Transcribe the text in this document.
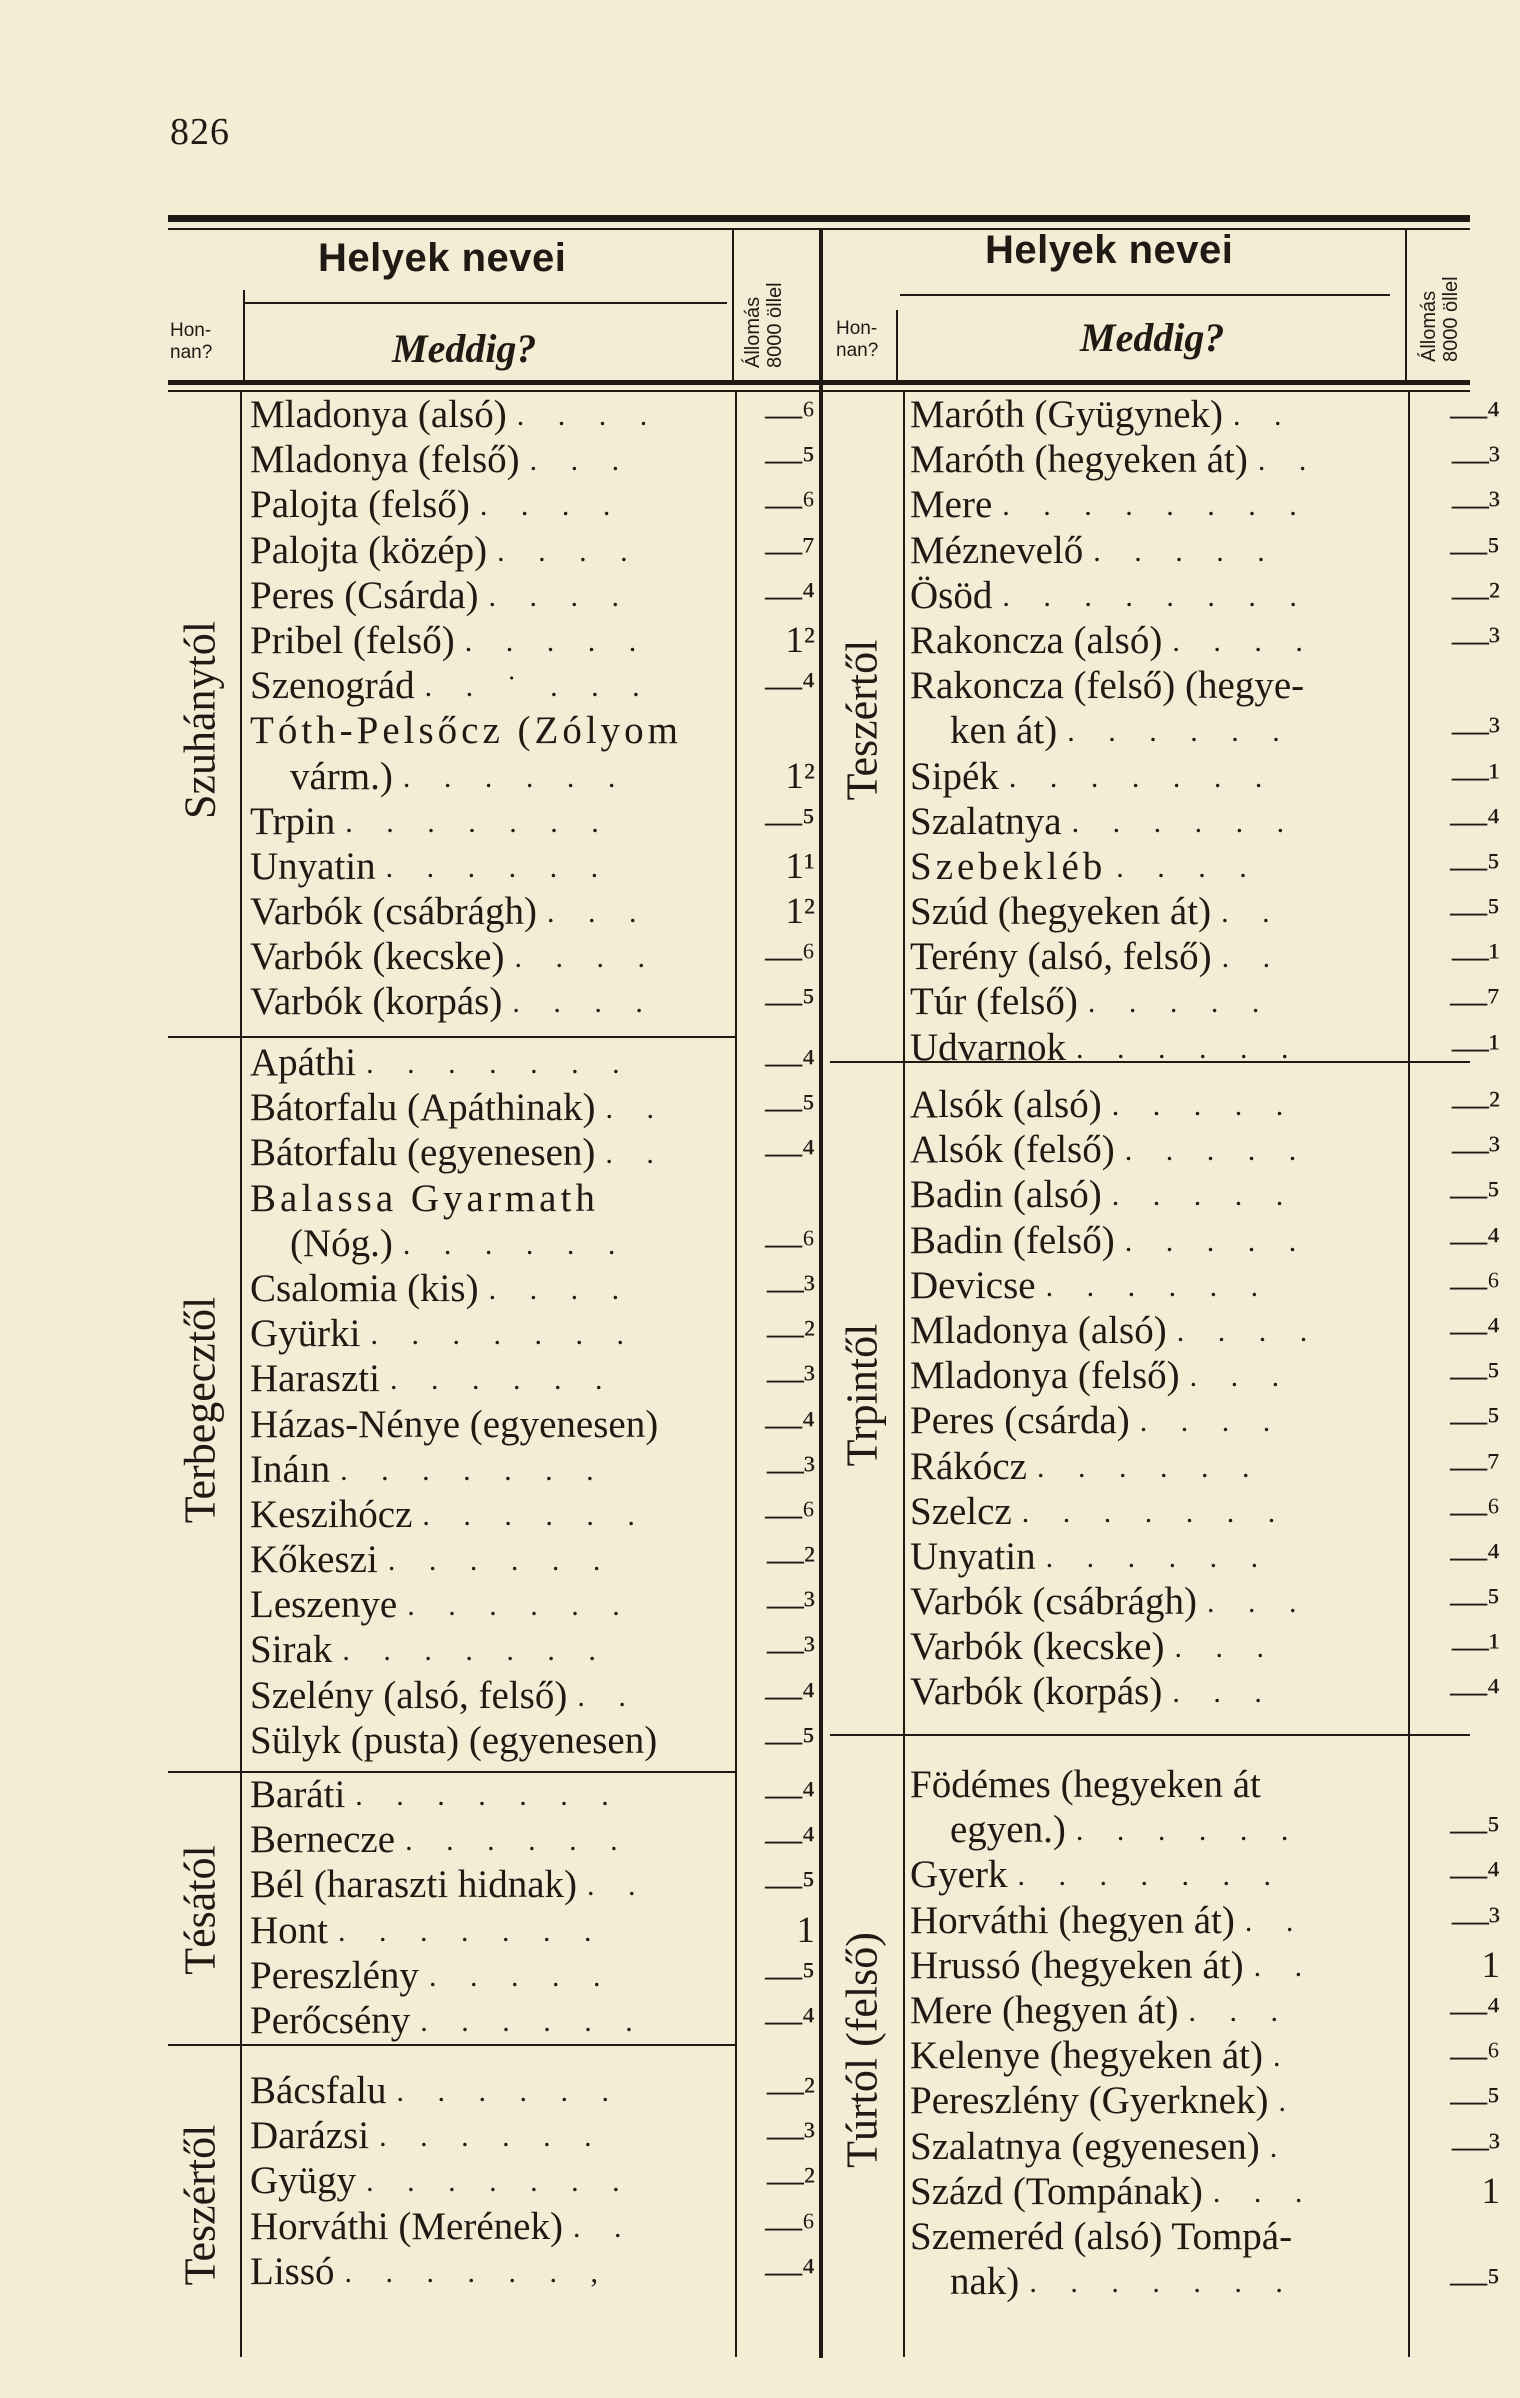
826
Helyek nevei
Hon-
nan?	Meddig?	Állomás
8000 öllel
Helyek nevei
Hon-
nan?	Meddig?	Állomás
8000 öllel
Szuhánytól
Terbegecztől
Tésától
Teszértől
Teszértől
Trpintől
Túrtól (felső)
Mladonya (alsó) . . . .	—⁶
Mladonya (felső) . . .	—⁵
Palojta (felső) . . . .	—⁶
Palojta (közép) . . . .	—⁷
Peres (Csárda) . . . .	—⁴
Pribel (felső) . . . . .	1²
Szenográd . . ˙ . . .	—⁴
Tóth-Pelsőcz (Zólyom
várm.) . . . . . .	1²
Trpin . . . . . . .	—⁵
Unyatin . . . . . .	1¹
Varbók (csábrágh) . . .	1²
Varbók (kecske) . . . .	—⁶
Varbók (korpás) . . . .	—⁵
Apáthi . . . . . . .	—⁴
Bátorfalu (Apáthinak) . .	—⁵
Bátorfalu (egyenesen) . .	—⁴
Balassa Gyarmath
(Nóg.) . . . . . .	—⁶
Csalomia (kis) . . . .	—³
Gyürki . . . . . . .	—²
Haraszti . . . . . .	—³
Házas-Nénye (egyenesen)	—⁴
Ináın . . . . . . .	—³
Keszihócz . . . . . .	—⁶
Kőkeszi . . . . . .	—²
Leszenye . . . . . .	—³
Sirak . . . . . . .	—³
Szelény (alsó, felső) . .	—⁴
Sülyk (pusta) (egyenesen)	—⁵
Baráti . . . . . . .	—⁴
Bernecze . . . . . .	—⁴
Bél (haraszti hidnak) . .	—⁵
Hont . . . . . . .	1
Pereszlény . . . . .	—⁵
Perőcsény . . . . . .	—⁴
Bácsfalu . . . . . .	—²
Darázsi . . . . . .	—³
Gyügy . . . . . . .	—²
Horváthi (Merének) . .	—⁶
Lissó . . . . . . ,	—⁴
Maróth (Gyügynek) . .	—⁴
Maróth (hegyeken át) . .	—³
Mere . . . . . . . .	—³
Méznevelő . . . . .	—⁵
Ösöd . . . . . . . .	—²
Rakoncza (alsó) . . . .	—³
Rakoncza (felső) (hegye-
ken át) . . . . . .	—³
Sipék . . . . . . .	—¹
Szalatnya . . . . . .	—⁴
Szebekléb . . . .	—⁵
Szúd (hegyeken át) . .	—⁵
Terény (alsó, felső) . .	—¹
Túr (felső) . . . . .	—⁷
Udvarnok . . . . . .	—¹
Alsók (alsó) . . . . .	—²
Alsók (felső) . . . . .	—³
Badin (alsó) . . . . .	—⁵
Badin (felső) . . . . .	—⁴
Devicse . . . . . .	—⁶
Mladonya (alsó) . . . .	—⁴
Mladonya (felső) . . .	—⁵
Peres (csárda) . . . .	—⁵
Rákócz . . . . . .	—⁷
Szelcz . . . . . . .	—⁶
Unyatin . . . . . .	—⁴
Varbók (csábrágh) . . .	—⁵
Varbók (kecske) . . .	—¹
Varbók (korpás) . . .	—⁴
Födémes (hegyeken át
egyen.) . . . . . .	—⁵
Gyerk . . . . . . .	—⁴
Horváthi (hegyen át) . .	—³
Hrussó (hegyeken át) . .	1
Mere (hegyen át) . . .	—⁴
Kelenye (hegyeken át) .	—⁶
Pereszlény (Gyerknek) .	—⁵
Szalatnya (egyenesen) .	—³
Százd (Tompának) . . .	1
Szemeréd (alsó) Tompá-
nak) . . . . . . .	—⁵
